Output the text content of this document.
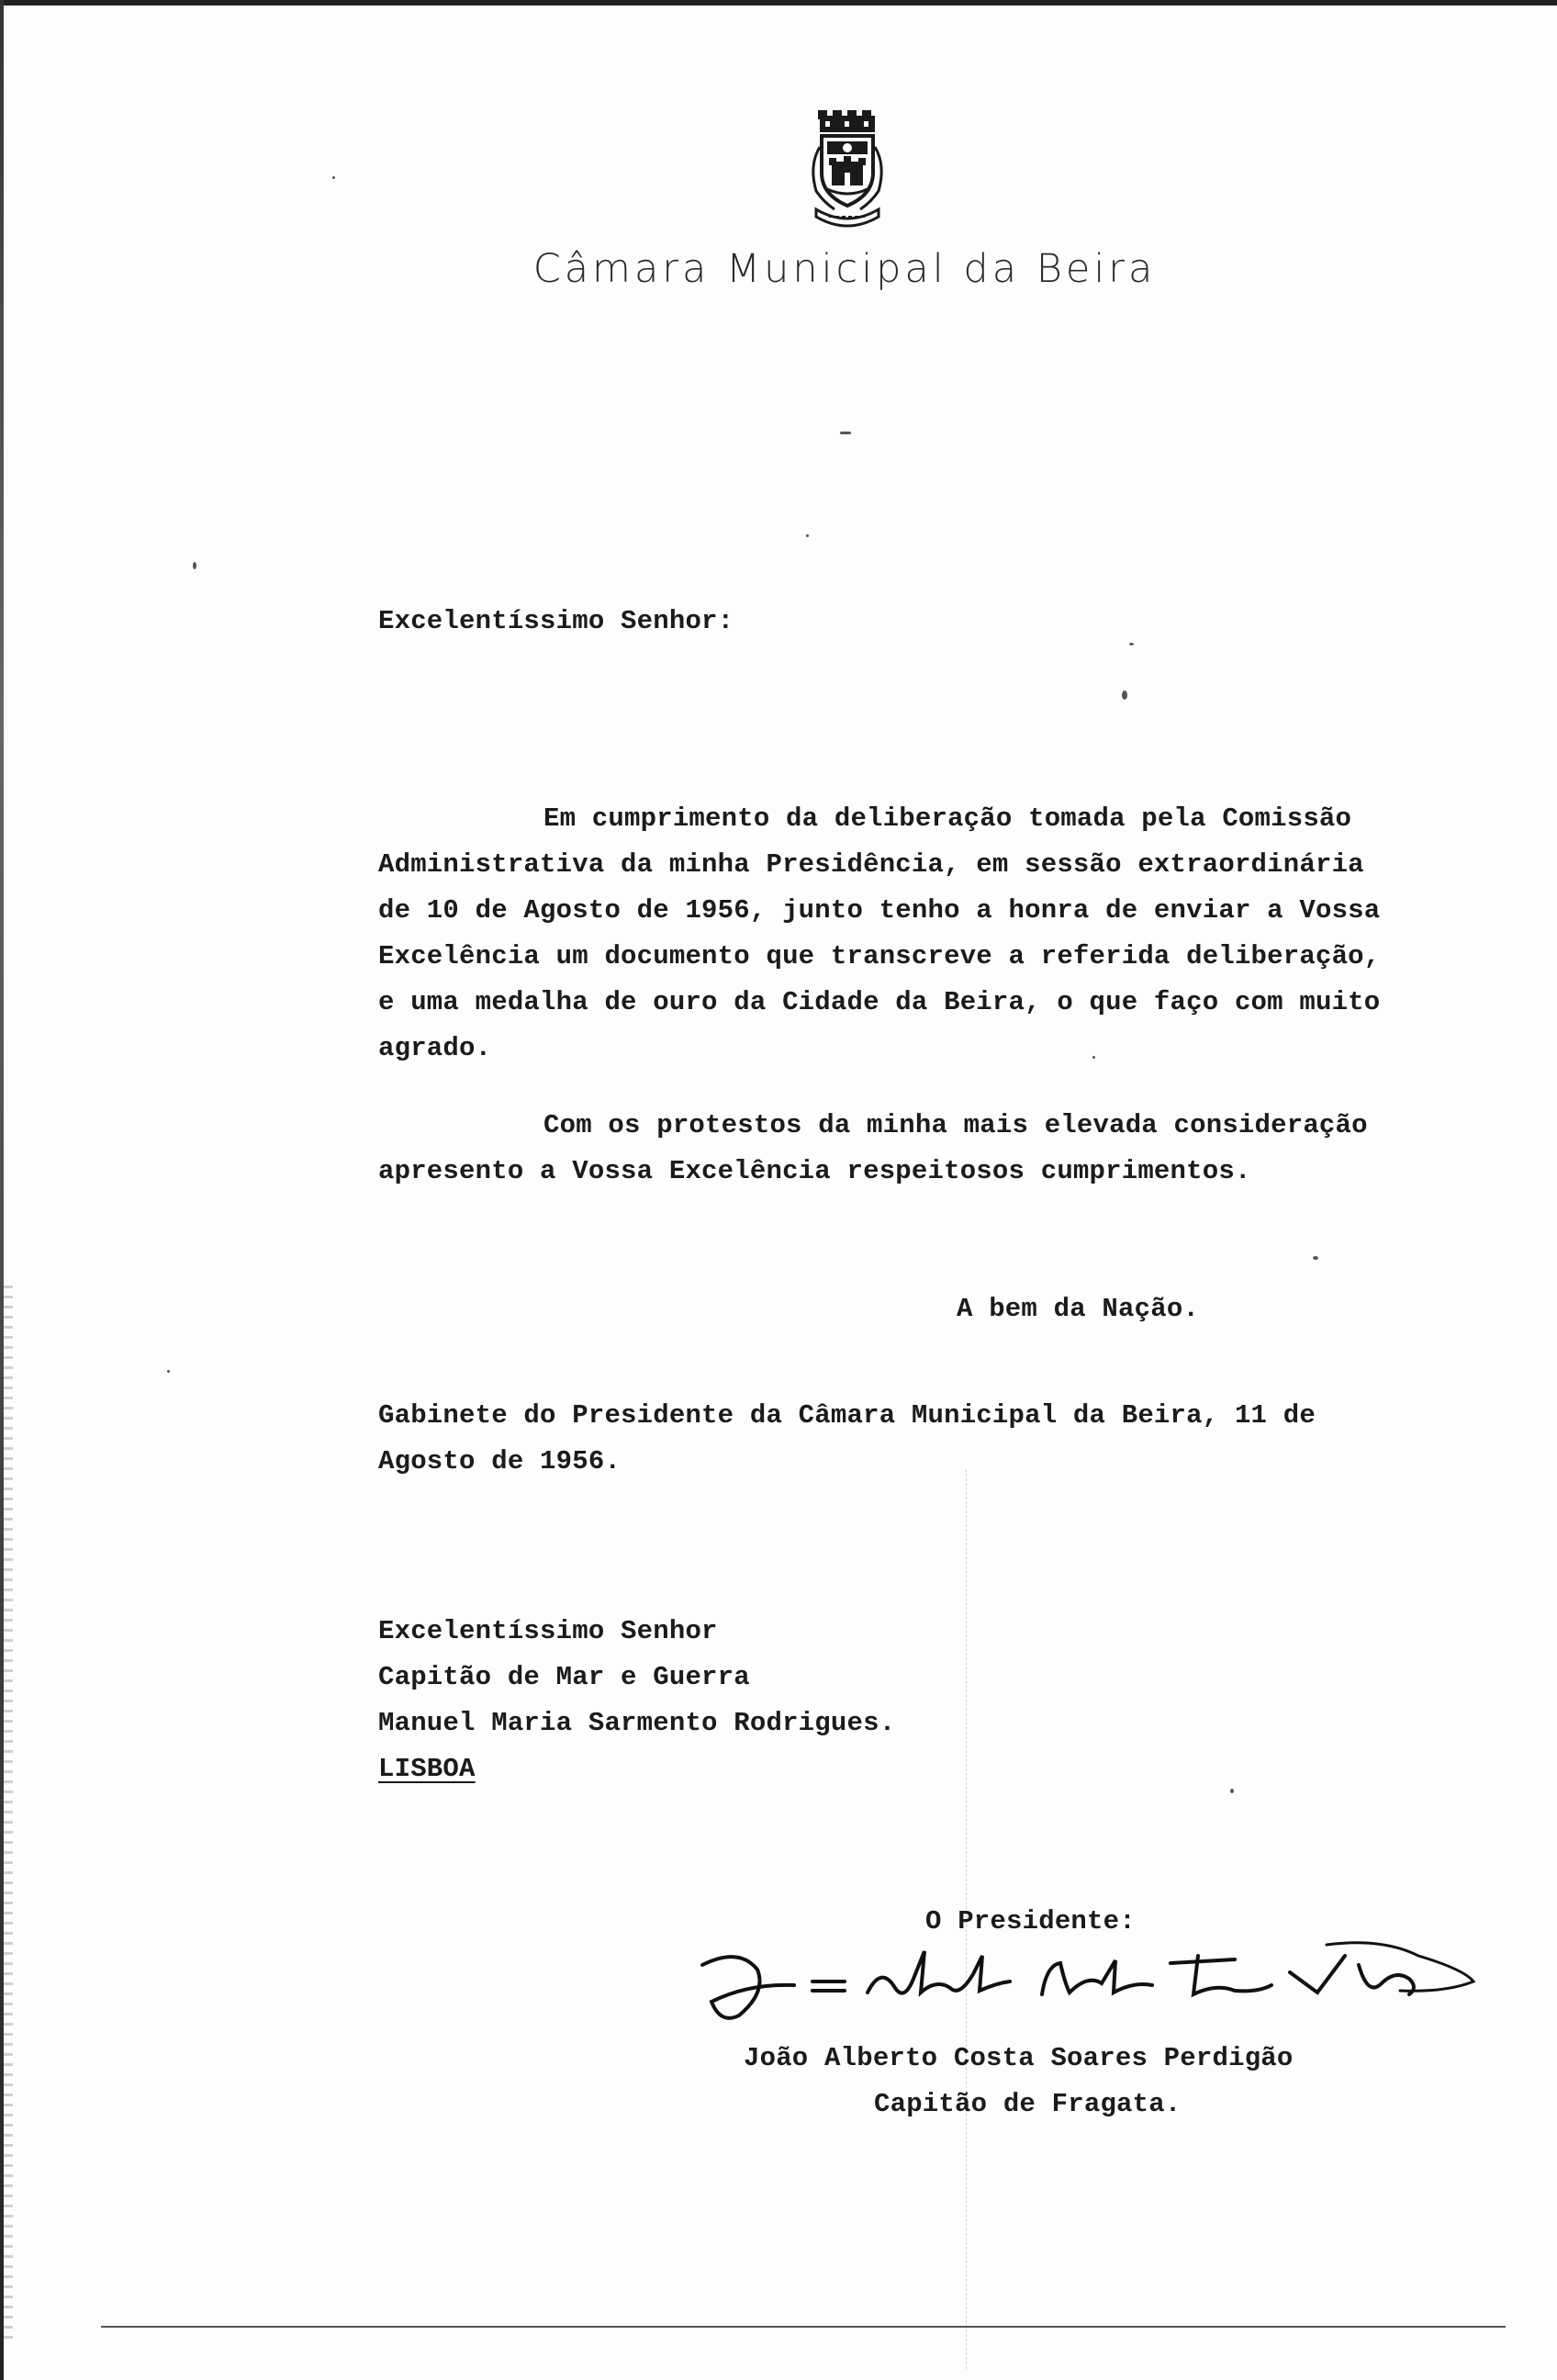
Câmara Municipal da Beira
Excelentíssimo Senhor:
Em cumprimento da deliberação tomada pela Comissão
Administrativa da minha Presidência, em sessão extraordinária
de 10 de Agosto de 1956, junto tenho a honra de enviar a Vossa
Excelência um documento que transcreve a referida deliberação,
e uma medalha de ouro da Cidade da Beira, o que faço com muito
agrado.
Com os protestos da minha mais elevada consideração
apresento a Vossa Excelência respeitosos cumprimentos.
A bem da Nação.
Gabinete do Presidente da Câmara Municipal da Beira, 11 de
Agosto de 1956.
Excelentíssimo Senhor
Capitão de Mar e Guerra
Manuel Maria Sarmento Rodrigues.
LISBOA
O Presidente:
João Alberto Costa Soares Perdigão
Capitão de Fragata.
